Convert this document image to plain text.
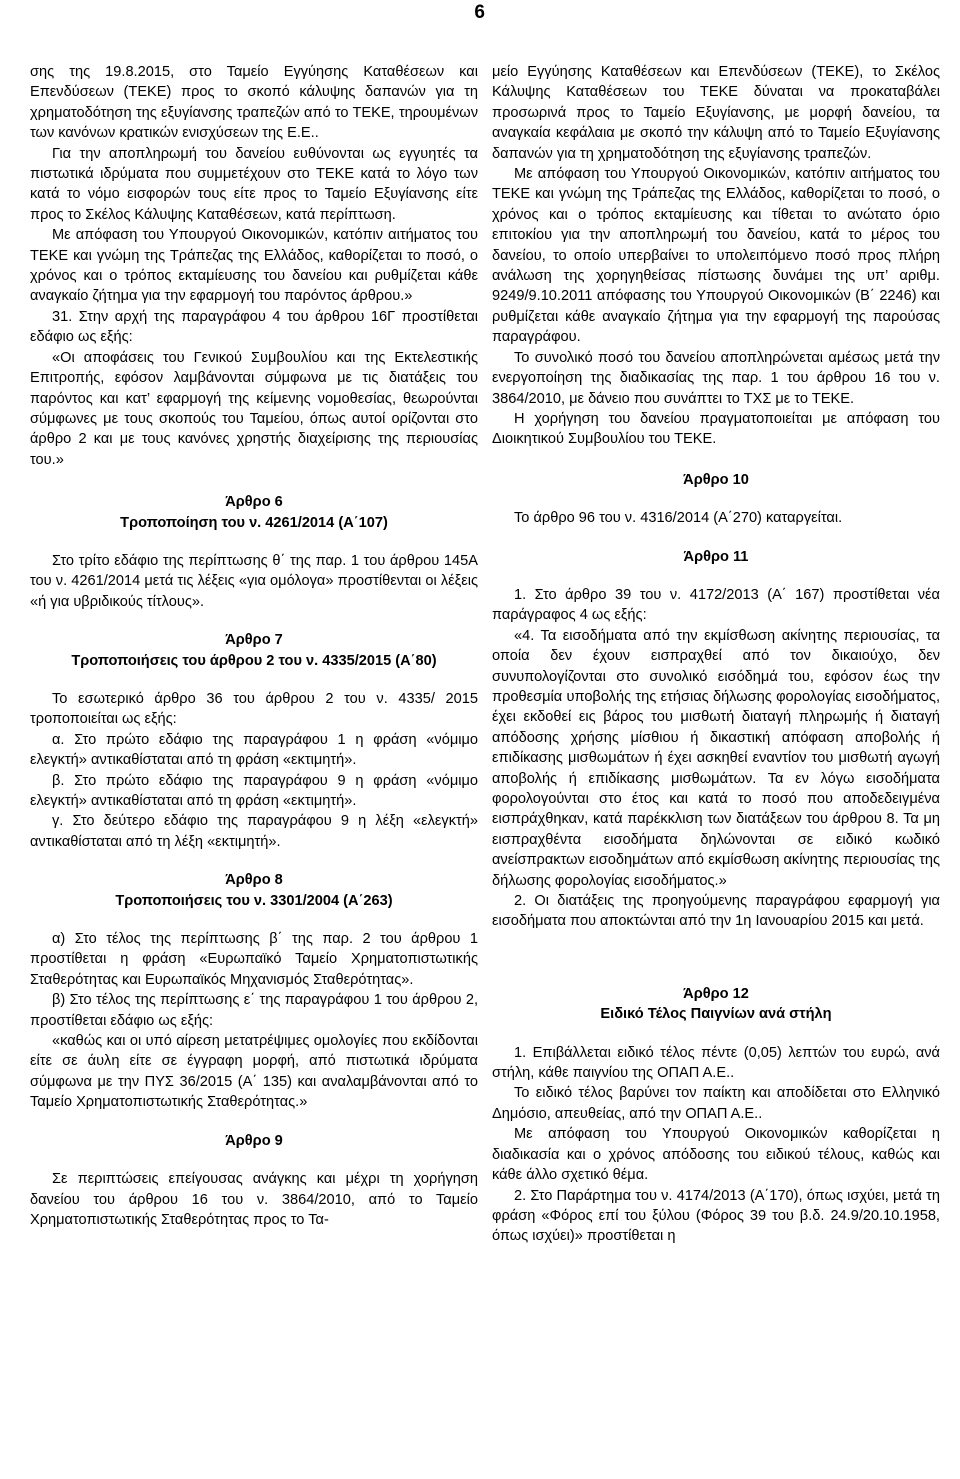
6

σης της 19.8.2015, στο Ταμείο Εγγύησης Καταθέσεων και Επενδύσεων (ΤΕΚΕ) προς το σκοπό κάλυψης δαπανών για τη χρηματοδότηση της εξυγίανσης τραπεζών από το ΤΕΚΕ, τηρουμένων των κανόνων κρατικών ενισχύσεων της Ε.Ε..

Για την αποπληρωμή του δανείου ευθύνονται ως εγγυητές τα πιστωτικά ιδρύματα που συμμετέχουν στο ΤΕΚΕ κατά το λόγο των κατά το νόμο εισφορών τους είτε προς το Ταμείο Εξυγίανσης είτε προς το Σκέλος Κάλυψης Καταθέσεων, κατά περίπτωση.

Με απόφαση του Υπουργού Οικονομικών, κατόπιν αιτήματος του ΤΕΚΕ και γνώμη της Τράπεζας της Ελλάδος, καθορίζεται το ποσό, ο χρόνος και ο τρόπος εκταμίευσης του δανείου και ρυθμίζεται κάθε αναγκαίο ζήτημα για την εφαρμογή του παρόντος άρθρου.»

31. Στην αρχή της παραγράφου 4 του άρθρου 16Γ προστίθεται εδάφιο ως εξής:

«Οι αποφάσεις του Γενικού Συμβουλίου και της Εκτελεστικής Επιτροπής, εφόσον λαμβάνονται σύμφωνα με τις διατάξεις του παρόντος και κατ’ εφαρμογή της κείμενης νομοθεσίας, θεωρούνται σύμφωνες με τους σκοπούς του Ταμείου, όπως αυτοί ορίζονται στο άρθρο 2 και με τους κανόνες χρηστής διαχείρισης της περιουσίας του.»

Άρθρο 6

Τροποποίηση του ν. 4261/2014 (Α΄107)

Στο τρίτο εδάφιο της περίπτωσης θ΄ της παρ. 1 του άρθρου 145Α του ν. 4261/2014 μετά τις λέξεις «για ομόλογα» προστίθενται οι λέξεις «ή για υβριδικούς τίτλους».

Άρθρο 7

Τροποποιήσεις του άρθρου 2 του ν. 4335/2015 (Α΄80)

Το εσωτερικό άρθρο 36 του άρθρου 2 του ν. 4335/ 2015 τροποποιείται ως εξής:

α. Στο πρώτο εδάφιο της παραγράφου 1 η φράση «νόμιμο ελεγκτή» αντικαθίσταται από τη φράση «εκτιμητή».

β. Στο πρώτο εδάφιο της παραγράφου 9 η φράση «νόμιμο ελεγκτή» αντικαθίσταται από τη φράση «εκτιμητή».

γ. Στο δεύτερο εδάφιο της παραγράφου 9 η λέξη «ελεγκτή» αντικαθίσταται από τη λέξη «εκτιμητή».

Άρθρο 8

Τροποποιήσεις του ν. 3301/2004 (Α΄263)

α) Στο τέλος της περίπτωσης β΄ της παρ. 2 του άρθρου 1 προστίθεται η φράση «Ευρωπαϊκό Ταμείο Χρηματοπιστωτικής Σταθερότητας και Ευρωπαϊκός Μηχανισμός Σταθερότητας».

β) Στο τέλος της περίπτωσης ε΄ της παραγράφου 1 του άρθρου 2, προστίθεται εδάφιο ως εξής:

«καθώς και οι υπό αίρεση μετατρέψιμες ομολογίες που εκδίδονται είτε σε άυλη είτε σε έγγραφη μορφή, από πιστωτικά ιδρύματα σύμφωνα με την ΠΥΣ 36/2015 (Α΄ 135) και αναλαμβάνονται από το Ταμείο Χρηματοπιστωτικής Σταθερότητας.»

Άρθρο 9

Σε περιπτώσεις επείγουσας ανάγκης και μέχρι τη χορήγηση δανείου του άρθρου 16 του ν. 3864/2010, από το Ταμείο Χρηματοπιστωτικής Σταθερότητας προς το Τα-

μείο Εγγύησης Καταθέσεων και Επενδύσεων (ΤΕΚΕ), το Σκέλος Κάλυψης Καταθέσεων του ΤΕΚΕ δύναται να προκαταβάλει προσωρινά προς το Ταμείο Εξυγίανσης, με μορφή δανείου, τα αναγκαία κεφάλαια με σκοπό την κάλυψη από το Ταμείο Εξυγίανσης δαπανών για τη χρηματοδότηση της εξυγίανσης τραπεζών.

Με απόφαση του Υπουργού Οικονομικών, κατόπιν αιτήματος του ΤΕΚΕ και γνώμη της Τράπεζας της Ελλάδος, καθορίζεται το ποσό, ο χρόνος και ο τρόπος εκταμίευσης και τίθεται το ανώτατο όριο επιτοκίου για την αποπληρωμή του δανείου, κατά το μέρος του δανείου, το οποίο υπερβαίνει το υπολειπόμενο ποσό προς πλήρη ανάλωση της χορηγηθείσας πίστωσης δυνάμει της υπ’ αριθμ. 9249/9.10.2011 απόφασης του Υπουργού Οικονομικών (Β΄ 2246) και ρυθμίζεται κάθε αναγκαίο ζήτημα για την εφαρμογή της παρούσας παραγράφου.

Το συνολικό ποσό του δανείου αποπληρώνεται αμέσως μετά την ενεργοποίηση της διαδικασίας της παρ. 1 του άρθρου 16 του ν. 3864/2010, με δάνειο που συνάπτει το ΤΧΣ με το ΤΕΚΕ.

Η χορήγηση του δανείου πραγματοποιείται με απόφαση του Διοικητικού Συμβουλίου του ΤΕΚΕ.

Άρθρο 10

Το άρθρο 96 του ν. 4316/2014 (Α΄270) καταργείται.

Άρθρο 11

1. Στο άρθρο 39 του ν. 4172/2013 (Α΄ 167) προστίθεται νέα παράγραφος 4 ως εξής:

«4. Τα εισοδήματα από την εκμίσθωση ακίνητης περιουσίας, τα οποία δεν έχουν εισπραχθεί από τον δικαιούχο, δεν συνυπολογίζονται στο συνολικό εισόδημά του, εφόσον έως την προθεσμία υποβολής της ετήσιας δήλωσης φορολογίας εισοδήματος, έχει εκδοθεί εις βάρος του μισθωτή διαταγή πληρωμής ή διαταγή απόδοσης χρήσης μίσθιου ή δικαστική απόφαση αποβολής ή επιδίκασης μισθωμάτων ή έχει ασκηθεί εναντίον του μισθωτή αγωγή αποβολής ή επιδίκασης μισθωμάτων. Τα εν λόγω εισοδήματα φορολογούνται στο έτος και κατά το ποσό που αποδεδειγμένα εισπράχθηκαν, κατά παρέκκλιση των διατάξεων του άρθρου 8. Τα μη εισπραχθέντα εισοδήματα δηλώνονται σε ειδικό κωδικό ανείσπρακτων εισοδημάτων από εκμίσθωση ακίνητης περιουσίας της δήλωσης φορολογίας εισοδήματος.»

2. Οι διατάξεις της προηγούμενης παραγράφου εφαρμογή για εισοδήματα που αποκτώνται από την 1η Ιανουαρίου 2015 και μετά.

Άρθρο 12

Ειδικό Τέλος Παιγνίων ανά στήλη

1. Επιβάλλεται ειδικό τέλος πέντε (0,05) λεπτών του ευρώ, ανά στήλη, κάθε παιγνίου της ΟΠΑΠ Α.Ε..

Το ειδικό τέλος βαρύνει τον παίκτη και αποδίδεται στο Ελληνικό Δημόσιο, απευθείας, από την ΟΠΑΠ Α.Ε..

Με απόφαση του Υπουργού Οικονομικών καθορίζεται η διαδικασία και ο χρόνος απόδοσης του ειδικού τέλους, καθώς και κάθε άλλο σχετικό θέμα.

2. Στο Παράρτημα του ν. 4174/2013 (Α΄170), όπως ισχύει, μετά τη φράση «Φόρος επί του ξύλου (Φόρος 39 του β.δ. 24.9/20.10.1958, όπως ισχύει)» προστίθεται η
